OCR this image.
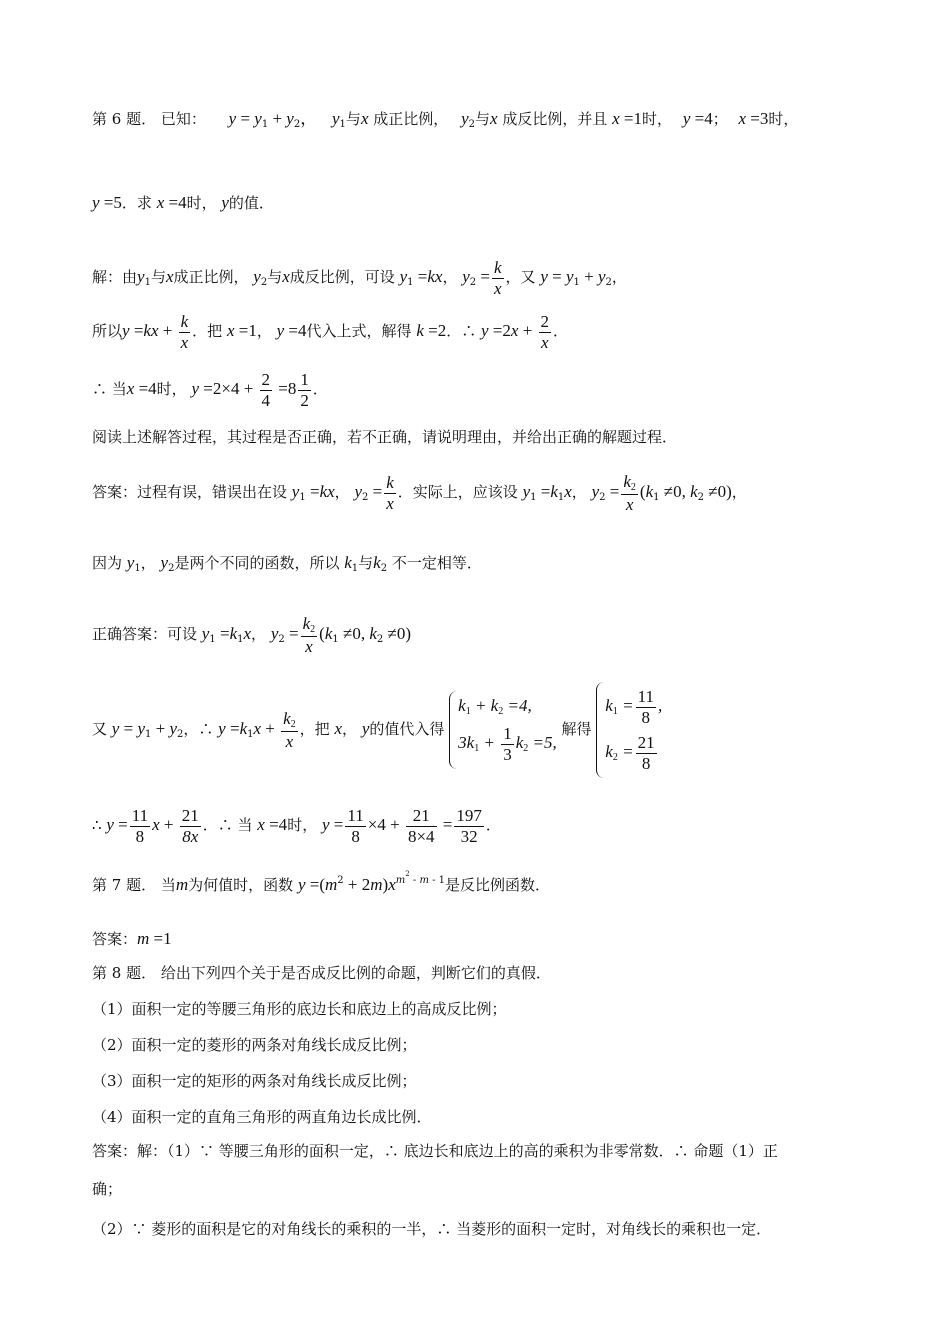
第 6 题． 已知： $y = y_1 + y_2$， $y_1$与x 成正比例， $y_2$与x 成反比例，并且 x =1时， y =4； x =3时，
y =5．求 x =4时， y的值．
解：由$y_1$与x成正比例， $y_2$与x成反比例，可设 $y_1 =kx$， $y_2 = \frac{k}{x}$ ，又 $y = y_1 + y_2$，
所以$y =kx + \frac{k}{x}$ ．把 x =1， y =4代入上式，解得 k =2．∴ $y =2x + \frac{2}{x}$ ．
∴ 当x =4时， $y =2\times 4 + \frac{2}{4} =8 \frac{1}{2}$ ．
阅读上述解答过程，其过程是否正确，若不正确，请说明理由，并给出正确的解题过程．
答案：过程有误，错误出在设 $y_1 =kx$， $y_2 = \frac{k}{x}$ ．实际上，应该设 $y_1 =k_1x$， $y_2 = \frac{k_2}{x} (k_1 \ne 0$, $k_2 \ne 0$)，
因为 $y_1$， $y_2$是两个不同的函数，所以 $k_1$与$k_2$ 不一定相等．
正确答案：可设 $y_1 =k_1x$， $y_2 = \frac{k_2}{x} (k_1 \ne 0$, $k_2 \ne 0$)
又 $y = y_1 + y_2$，∴ $y =k_1x + \frac{k_2}{x}$ ，把 x， y的值代入得
$k_1 + k_2 =4$,
$3k_1 + \frac{1}{3} k_2 =5$,
解得
$k_1 = \frac{11}{8}$ ,
$k_2 = \frac{21}{8}$
∴ $y = \frac{11}{8}$ $x + \frac{21}{8x}$ ．∴ 当 x =4时， $y = \frac{11}{8} \times 4 + \frac{21}{8\times 4} = \frac{197}{32}$ ．
第 7 题． 当m为何值时，函数 $y =(m^2 + 2m)x^{m^2 - m - 1}$是反比例函数．
答案：m =1
第 8 题． 给出下列四个关于是否成反比例的命题，判断它们的真假．
（1）面积一定的等腰三角形的底边长和底边上的高成反比例；
（2）面积一定的菱形的两条对角线长成反比例；
（3）面积一定的矩形的两条对角线长成反比例；
（4）面积一定的直角三角形的两直角边长成比例．
答案：解：（1）∵ 等腰三角形的面积一定，∴ 底边长和底边上的高的乘积为非零常数．∴ 命题（1）正
确；
（2）∵ 菱形的面积是它的对角线长的乘积的一半，∴ 当菱形的面积一定时，对角线长的乘积也一定．
